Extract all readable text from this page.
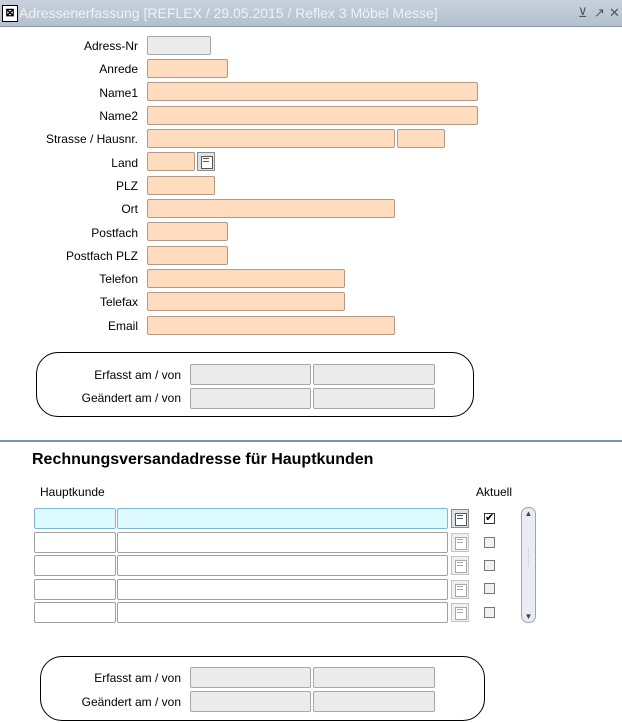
⊠ Adressenerfassung [REFLEX / 29.05.2015 / Reflex 3 Möbel Messe]	⊻ ↗ ✕
Adress-Nr
Anrede
Name1
Name2
Strasse / Hausnr.
Land
PLZ
Ort
Postfach
Postfach PLZ
Telefon
Telefax
Email
Erfasst am / von
Geändert am / von
Rechnungsversandadresse für Hauptkunden
Hauptkunde	Aktuell
✔
▲
⋮
⋮
⋮
▼
Erfasst am / von
Geändert am / von
